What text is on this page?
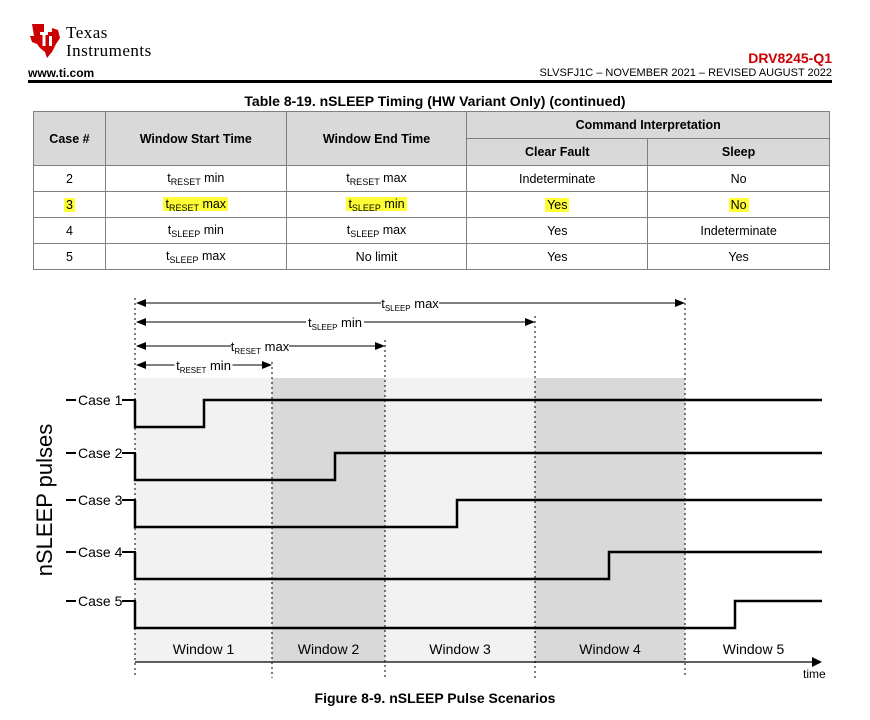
Texas
Instruments
www.ti.com
DRV8245-Q1
SLVSFJ1C – NOVEMBER 2021 – REVISED AUGUST 2022
Table 8-19. nSLEEP Timing (HW Variant Only) (continued)
Case #	Window Start Time	Window End Time	Command Interpretation	
			Clear Fault	Sleep
2	$t_{RESET}$ min	$t_{RESET}$ max	Indeterminate	No
3	$t_{RESET}$ max	$t_{SLEEP}$ min	Yes	No
4	$t_{SLEEP}$ min	$t_{SLEEP}$ max	Yes	Indeterminate
5	$t_{SLEEP}$ max	No limit	Yes	Yes
time
$t_{SLEEP}$ max
$t_{SLEEP}$ min
$t_{RESET}$ max
$t_{RESET}$ min
Case 1
Case 2
Case 3
Case 4
Case 5
Window 1	Window 2	Window 3	Window 4	Window 5
nSLEEP pulses
Figure 8-9. nSLEEP Pulse Scenarios
